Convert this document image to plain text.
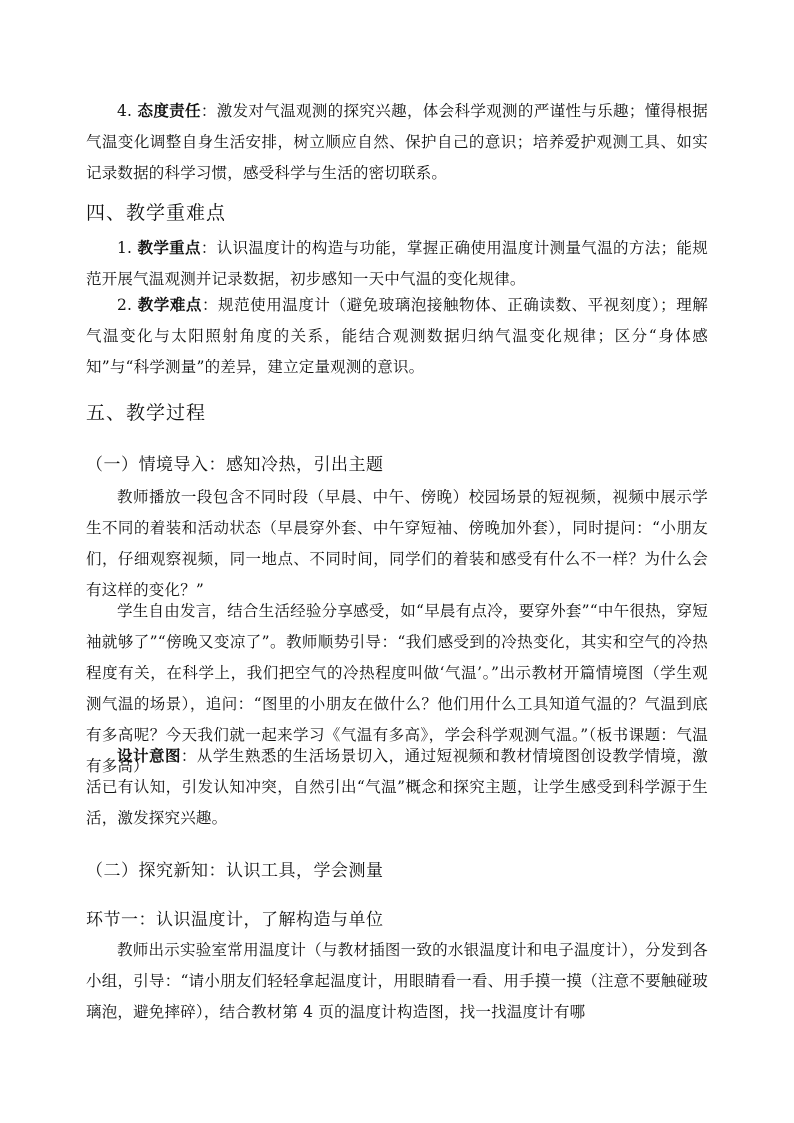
4. 态度责任：激发对气温观测的探究兴趣，体会科学观测的严谨性与乐趣；懂得根据气温变化调整自身生活安排，树立顺应自然、保护自己的意识；培养爱护观测工具、如实记录数据的科学习惯，感受科学与生活的密切联系。

四、教学重难点

1. 教学重点：认识温度计的构造与功能，掌握正确使用温度计测量气温的方法；能规范开展气温观测并记录数据，初步感知一天中气温的变化规律。

2. 教学难点：规范使用温度计（避免玻璃泡接触物体、正确读数、平视刻度）；理解气温变化与太阳照射角度的关系，能结合观测数据归纳气温变化规律；区分“身体感知”与“科学测量”的差异，建立定量观测的意识。

五、教学过程
（一）情境导入：感知冷热，引出主题

教师播放一段包含不同时段（早晨、中午、傍晚）校园场景的短视频，视频中展示学生不同的着装和活动状态（早晨穿外套、中午穿短袖、傍晚加外套），同时提问：“小朋友们，仔细观察视频，同一地点、不同时间，同学们的着装和感受有什么不一样？为什么会有这样的变化？”

学生自由发言，结合生活经验分享感受，如“早晨有点冷，要穿外套”“中午很热，穿短袖就够了”“傍晚又变凉了”。教师顺势引导：“我们感受到的冷热变化，其实和空气的冷热程度有关，在科学上，我们把空气的冷热程度叫做‘气温’。”出示教材开篇情境图（学生观测气温的场景），追问：“图里的小朋友在做什么？他们用什么工具知道气温的？气温到底有多高呢？今天我们就一起来学习《气温有多高》，学会科学观测气温。”（板书课题：气温有多高）

设计意图：从学生熟悉的生活场景切入，通过短视频和教材情境图创设教学情境，激活已有认知，引发认知冲突，自然引出“气温”概念和探究主题，让学生感受到科学源于生活，激发探究兴趣。

（二）探究新知：认识工具，学会测量
环节一：认识温度计，了解构造与单位

教师出示实验室常用温度计（与教材插图一致的水银温度计和电子温度计），分发到各小组，引导：“请小朋友们轻轻拿起温度计，用眼睛看一看、用手摸一摸（注意不要触碰玻璃泡，避免摔碎），结合教材第 4 页的温度计构造图，找一找温度计有哪
